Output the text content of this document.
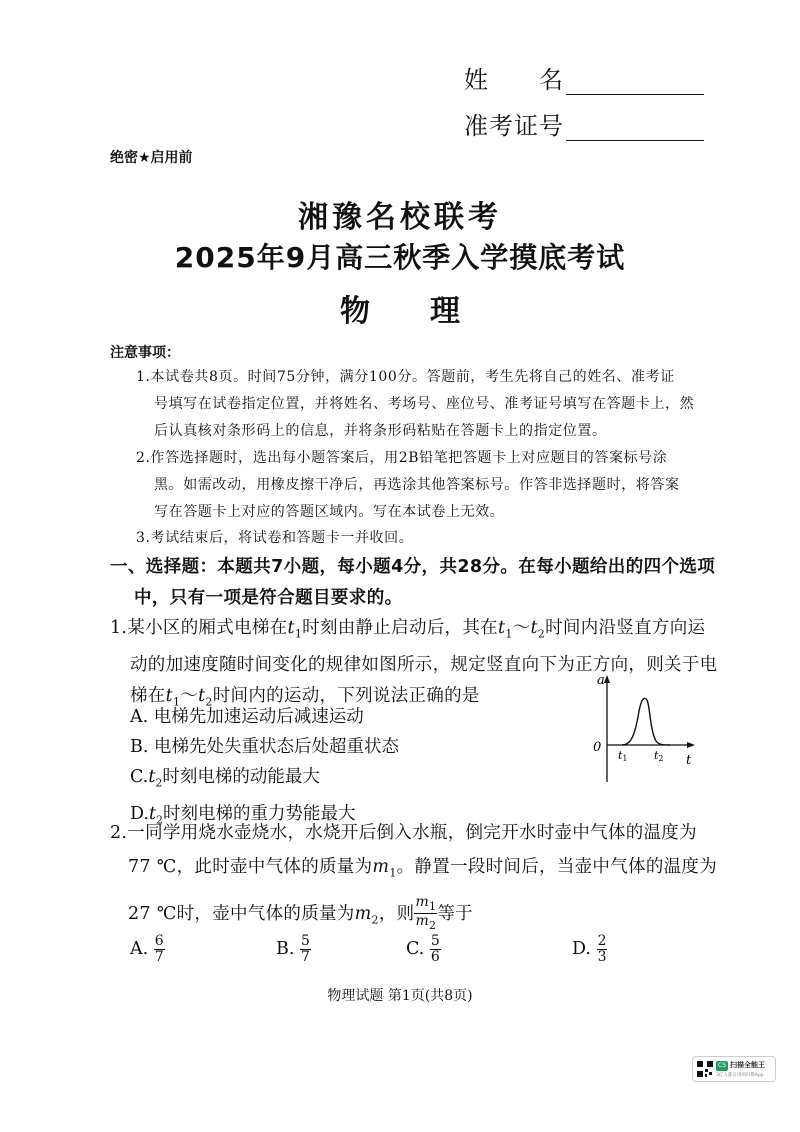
姓　　名
准考证号
绝密★启用前
湘豫名校联考
2025年9月高三秋季入学摸底考试
物　　理
注意事项：
1.本试卷共8页。时间75分钟，满分100分。答题前，考生先将自己的姓名、准考证
号填写在试卷指定位置，并将姓名、考场号、座位号、准考证号填写在答题卡上，然
后认真核对条形码上的信息，并将条形码粘贴在答题卡上的指定位置。
2.作答选择题时，选出每小题答案后，用2B铅笔把答题卡上对应题目的答案标号涂
黑。如需改动，用橡皮擦干净后，再选涂其他答案标号。作答非选择题时，将答案
写在答题卡上对应的答题区域内。写在本试卷上无效。
3.考试结束后，将试卷和答题卡一并收回。
一、选择题：本题共7小题，每小题4分，共28分。在每小题给出的四个选项
中，只有一项是符合题目要求的。
1.某小区的厢式电梯在$t_1$时刻由静止启动后，其在$t_1\sim t_2$时间内沿竖直方向运
动的加速度随时间变化的规律如图所示，规定竖直向下为正方向，则关于电
梯在$t_1\sim t_2$时间内的运动，下列说法正确的是
A. 电梯先加速运动后减速运动
B. 电梯先处失重状态后处超重状态
$C.t_2$时刻电梯的动能最大
$D.t_2$时刻电梯的重力势能最大
a
t
0
t1 t2
2.一同学用烧水壶烧水，水烧开后倒入水瓶，倒完开水时壶中气体的温度为
77 ℃，此时壶中气体的质量为$m_1$。静置一段时间后，当壶中气体的温度为
27 ℃时，壶中气体的质量为$m_2$，则 $\frac{m_1}{m_2}$ 等于
A. $\frac{6}{7}$	B. $\frac{5}{7}$	C. $\frac{5}{6}$	D. $\frac{2}{3}$
物理试题 第1页(共8页)
CS 扫描全能王
3亿人都在用的扫描App
